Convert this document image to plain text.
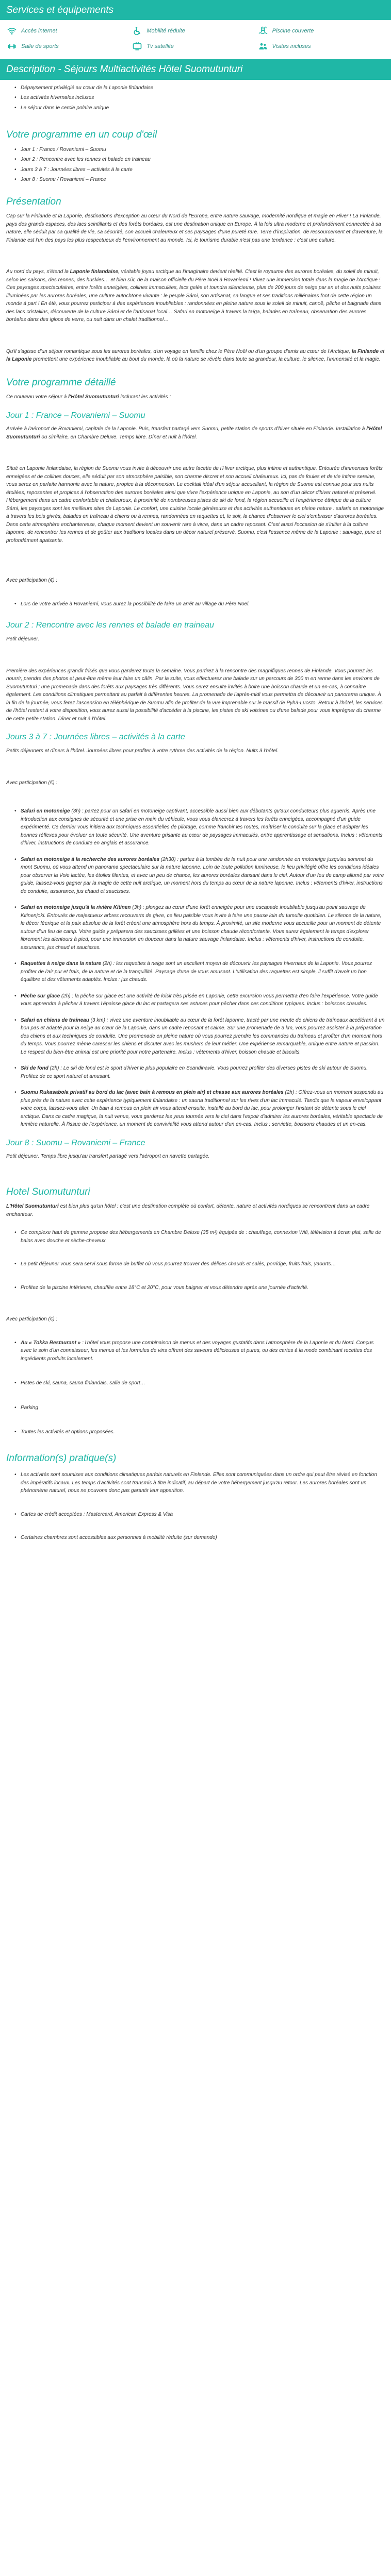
Services et équipements
Accès internet	Mobilité réduite	Piscine couverte
Salle de sports	Tv satellite	Visites incluses
Description - Séjours Multiactivités Hôtel Suomutunturi
• Dépaysement privilégié au cœur de la Laponie finlandaise
• Les activités hivernales incluses
• Le séjour dans le cercle polaire unique
Votre programme en un coup d'œil
• Jour 1 : France / Rovaniemi – Suomu
• Jour 2 : Rencontre avec les rennes et balade en traineau
• Jours 3 à 7 : Journées libres – activités à la carte
• Jour 8 : Suomu / Rovaniemi – France
Présentation

Cap sur la Finlande et la Laponie, destinations d'exception au cœur du Nord de l'Europe, entre nature sauvage, modernité nordique et magie en Hiver ! La Finlande, pays des grands espaces, des lacs scintillants et des forêts boréales, est une destination unique en Europe. À la fois ultra moderne et profondément connectée à sa nature, elle séduit par sa qualité de vie, sa sécurité, son accueil chaleureux et ses paysages d'une pureté rare. Terre d'inspiration, de ressourcement et d'aventure, la Finlande est l'un des pays les plus respectueux de l'environnement au monde. Ici, le tourisme durable n'est pas une tendance : c'est une culture.

Au nord du pays, s'étend la Laponie finlandaise, véritable joyau arctique au l'imaginaire devient réalité. C'est le royaume des aurores boréales, du soleil de minuit, selon les saisons, des rennes, des huskies… et bien sûr, de la maison officielle du Père Noël à Rovaniemi ! Vivez une immersion totale dans la magie de l'Arctique ! Ces paysages spectaculaires, entre forêts enneigées, collines immaculées, lacs gelés et toundra silencieuse, plus de 200 jours de neige par an et des nuits polaires illuminées par les aurores boréales, une culture autochtone vivante : le peuple Sámi, son artisanat, sa langue et ses traditions millénaires font de cette région un monde à part ! En été, vous pourrez participer à des expériences inoubliables : randonnées en pleine nature sous le soleil de minuit, canoë, pêche et baignade dans des lacs cristallins, découverte de la culture Sámi et de l'artisanat local… Safari en motoneige à travers la taïga, balades en traîneau, observation des aurores boréales dans des igloos de verre, ou nuit dans un chalet traditionnel…

Qu'il s'agisse d'un séjour romantique sous les aurores boréales, d'un voyage en famille chez le Père Noël ou d'un groupe d'amis au cœur de l'Arctique, la Finlande et la Laponie promettent une expérience inoubliable au bout du monde, là où la nature se révèle dans toute sa grandeur, la culture, le silence, l'immensité et la magie.

Votre programme détaillé

Ce nouveau votre séjour à l'Hôtel Suomutunturi inclurant les activités :

Jour 1 : France – Rovaniemi – Suomu

Arrivée à l'aéroport de Rovaniemi, capitale de la Laponie. Puis, transfert partagé vers Suomu, petite station de sports d'hiver située en Finlande. Installation à l'Hôtel Suomutunturi ou similaire, en Chambre Deluxe. Temps libre. Dîner et nuit à l'hôtel.

Situé en Laponie finlandaise, la région de Suomu vous invite à découvrir une autre facette de l'Hiver arctique, plus intime et authentique. Entourée d'immenses forêts enneigées et de collines douces, elle séduit par son atmosphère paisible, son charme discret et son accueil chaleureux. Ici, pas de foules et de vie intime sereine, vous serez en parfaite harmonie avec la nature, propice à la déconnexion. Le cocktail idéal d'un séjour accueillant, la région de Suomu est connue pour ses nuits étoilées, reposantes et propices à l'observation des aurores boréales ainsi que vivre l'expérience unique en Laponie, au son d'un décor d'hiver naturel et préservé. Hébergement dans un cadre confortable et chaleureux, à proximité de nombreuses pistes de ski de fond, la région accueille et l'expérience éthique de la culture Sámi, les paysages sont les meilleurs sites de Laponie. Le confort, une cuisine locale généreuse et des activités authentiques en pleine nature : safaris en motoneige à travers les bois givrés, balades en traîneau à chiens ou à rennes, randonnées en raquettes et, le soir, la chance d'observer le ciel s'embraser d'aurores boréales. Dans cette atmosphère enchanteresse, chaque moment devient un souvenir rare à vivre, dans un cadre reposant. C'est aussi l'occasion de s'initier à la culture laponne, de rencontrer les rennes et de goûter aux traditions locales dans un décor naturel préservé. Suomu, c'est l'essence même de la Laponie : sauvage, pure et profondément apaisante.

Avec participation (€) :

• Lors de votre arrivée à Rovaniemi, vous aurez la possibilité de faire un arrêt au village du Père Noël.
Jour 2 : Rencontre avec les rennes et balade en traineau

Petit déjeuner.

Première des expériences grandir frisés que vous garderez toute la semaine. Vous partirez à la rencontre des magnifiques rennes de Finlande. Vous pourrez les nourrir, prendre des photos et peut-être même leur faire un câlin. Par la suite, vous effectuerez une balade sur un parcours de 300 m en renne dans les environs de Suomutunturi ; une promenade dans des forêts aux paysages très différents. Vous serez ensuite invités à boire une boisson chaude et un en-cas, à connaître également. Les conditions climatiques permettant au parfait à différentes heures. La promenade de l'après-midi vous permettra de découvrir un panorama unique. À la fin de la journée, vous ferez l'ascension en téléphérique de Suomu afin de profiter de la vue imprenable sur le massif de Pyhä-Luosto. Retour à l'hôtel, les services de l'hôtel restent à votre disposition, vous aurez aussi la possibilité d'accéder à la piscine, les pistes de ski voisines ou d'une balade pour vous imprégner du charme de cette petite station. Dîner et nuit à l'hôtel.

Jours 3 à 7 : Journées libres – activités à la carte

Petits déjeuners et dîners à l'hôtel. Journées libres pour profiter à votre rythme des activités de la région. Nuits à l'hôtel.

Avec participation (€) :

• Safari en motoneige (3h) : partez pour un safari en motoneige captivant, accessible aussi bien aux débutants qu'aux conducteurs plus aguerris. Après une introduction aux consignes de sécurité et une prise en main du véhicule, vous vous élancerez à travers les forêts enneigées, accompagné d'un guide expérimenté. Ce dernier vous initiera aux techniques essentielles de pilotage, comme franchir les routes, maîtriser la conduite sur la glace et adapter les bonnes réflexes pour évoluer en toute sécurité. Une aventure grisante au cœur de paysages immaculés, entre apprentissage et sensations. Inclus : vêtements d'hiver, instructions de conduite en anglais et assurance.
• Safari en motoneige à la recherche des aurores boréales (2h30) : partez à la tombée de la nuit pour une randonnée en motoneige jusqu'au sommet du mont Suomu, où vous attend un panorama spectaculaire sur la nature laponne. Loin de toute pollution lumineuse, le lieu privilégié offre les conditions idéales pour observer la Voie lactée, les étoiles filantes, et avec un peu de chance, les aurores boréales dansant dans le ciel. Autour d'un feu de camp allumé par votre guide, laissez-vous gagner par la magie de cette nuit arctique, un moment hors du temps au cœur de la nature laponne. Inclus : vêtements d'hiver, instructions de conduite, assurance, jus chaud et saucisses.
• Safari en motoneige jusqu'à la rivière Kitinen (3h) : plongez au cœur d'une forêt enneigée pour une escapade inoubliable jusqu'au point sauvage de Kitinenjoki. Entourés de majestueux arbres recouverts de givre, ce lieu paisible vous invite à faire une pause loin du tumulte quotidien. Le silence de la nature, le décor féerique et la paix absolue de la forêt créent une atmosphère hors du temps. À proximité, un site moderne vous accueille pour un moment de détente autour d'un feu de camp. Votre guide y préparera des saucisses grillées et une boisson chaude réconfortante. Vous aurez également le temps d'explorer librement les alentours à pied, pour une immersion en douceur dans la nature sauvage finlandaise. Inclus : vêtements d'hiver, instructions de conduite, assurance, jus chaud et saucisses.
• Raquettes à neige dans la nature (2h) : les raquettes à neige sont un excellent moyen de découvrir les paysages hivernaux de la Laponie. Vous pourrez profiter de l'air pur et frais, de la nature et de la tranquillité. Paysage d'une de vous amusant. L'utilisation des raquettes est simple, il suffit d'avoir un bon équilibre et des vêtements adaptés. Inclus : jus chauds.
• Pêche sur glace (2h) : la pêche sur glace est une activité de loisir très prisée en Laponie, cette excursion vous permettra d'en faire l'expérience. Votre guide vous apprendra à pêcher à travers l'épaisse glace du lac et partagera ses astuces pour pêcher dans ces conditions typiques. Inclus : boissons chaudes.
• Safari en chiens de traineau (3 km) : vivez une aventure inoubliable au cœur de la forêt laponne, tracté par une meute de chiens de traîneaux accélérant à un bon pas et adapté pour la neige au cœur de la Laponie, dans un cadre reposant et calme. Sur une promenade de 3 km, vous pourrez assister à la préparation des chiens et aux techniques de conduite. Une promenade en pleine nature où vous pourrez prendre les commandes du traîneau et profiter d'un moment hors du temps. Vous pourrez même caresser les chiens et discuter avec les mushers de leur métier. Une expérience remarquable, unique entre nature et passion. Le respect du bien-être animal est une priorité pour notre partenaire. Inclus : vêtements d'hiver, boisson chaude et biscuits.
• Ski de fond (2h) : Le ski de fond est le sport d'hiver le plus populaire en Scandinavie. Vous pourrez profiter des diverses pistes de ski autour de Suomu. Profitez de ce sport naturel et amusant.
• Suomu Rukasabola privatif au bord du lac (avec bain à remous en plein air) et chasse aux aurores boréales (2h) : Offrez-vous un moment suspendu au plus près de la nature avec cette expérience typiquement finlandaise : un sauna traditionnel sur les rives d'un lac immaculé. Tandis que la vapeur enveloppant votre corps, laissez-vous aller. Un bain à remous en plein air vous attend ensuite, installé au bord du lac, pour prolonger l'instant de détente sous le ciel arctique. Dans ce cadre magique, la nuit venue, vous garderez les yeux tournés vers le ciel dans l'espoir d'admirer les aurores boréales, véritable spectacle de lumière naturelle. À l'issue de l'expérience, un moment de convivialité vous attend autour d'un en-cas. Inclus : serviette, boissons chaudes et un en-cas.
Jour 8 : Suomu – Rovaniemi – France

Petit déjeuner. Temps libre jusqu'au transfert partagé vers l'aéroport en navette partagée.

Hotel Suomutunturi

L'Hôtel Suomutunturi est bien plus qu'un hôtel : c'est une destination complète où confort, détente, nature et activités nordiques se rencontrent dans un cadre enchanteur.

• Ce complexe haut de gamme propose des hébergements en Chambre Deluxe (35 m²) équipés de : chauffage, connexion Wifi, télévision à écran plat, salle de bains avec douche et sèche-cheveux.
• Le petit déjeuner vous sera servi sous forme de buffet où vous pourrez trouver des délices chauds et salés, porridge, fruits frais, yaourts…
• Profitez de la piscine intérieure, chauffée entre 18°C et 20°C, pour vous baigner et vous détendre après une journée d'activité.

Avec participation (€) :

• Au « Tokka Restaurant » : l'hôtel vous propose une combinaison de menus et des voyages gustatifs dans l'atmosphère de la Laponie et du Nord. Conçus avec le soin d'un connaisseur, les menus et les formules de vins offrent des saveurs délicieuses et pures, ou des cartes à la mode combinant recettes des ingrédients produits localement.
• Pistes de ski, sauna, sauna finlandais, salle de sport…
• Parking
• Toutes les activités et options proposées.
Information(s) pratique(s)
• Les activités sont soumises aux conditions climatiques parfois naturels en Finlande. Elles sont communiquées dans un ordre qui peut être révisé en fonction des impératifs locaux. Les temps d'activités sont transmis à titre indicatif, au départ de votre hébergement jusqu'au retour. Les aurores boréales sont un phénomène naturel, nous ne pouvons donc pas garantir leur apparition.
• Cartes de crédit acceptées : Mastercard, American Express & Visa
• Certaines chambres sont accessibles aux personnes à mobilité réduite (sur demande)
